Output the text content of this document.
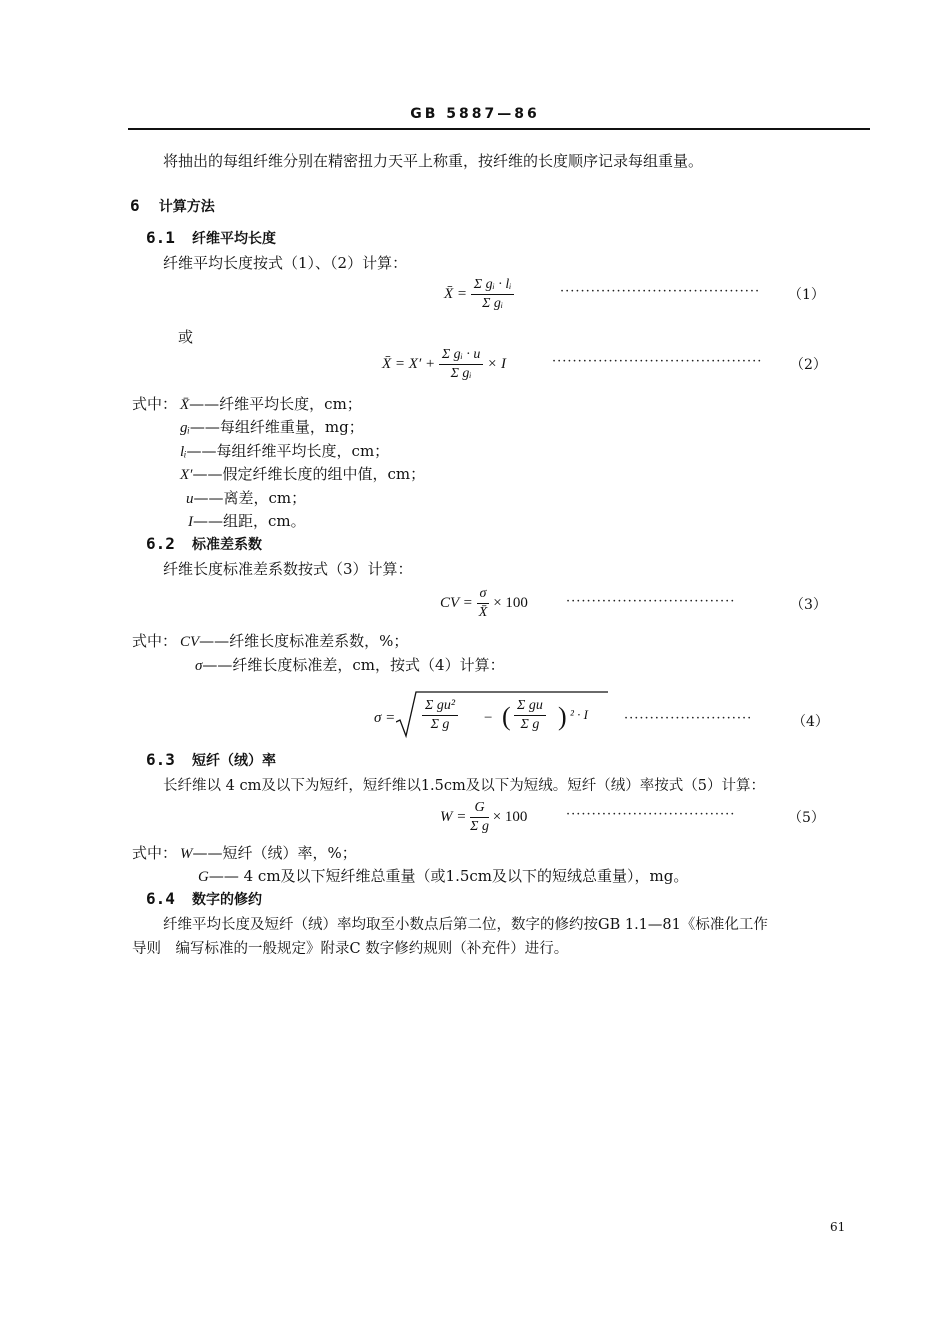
GB 5887—86
将抽出的每组纤维分别在精密扭力天平上称重，按纤维的长度顺序记录每组重量。
6 计算方法
6.1 纤维平均长度
纤维平均长度按式（1）、（2）计算：
X̄ = $\frac{\text{Σ gᵢ · lᵢ}}{\text{Σ gᵢ}}$	······································· （1）
或
X̄ = $X' + \frac{\text{Σ gᵢ · u}}{\text{Σ gᵢ}} \times I$	········································· （2）
式中： X̄——纤维平均长度，cm；
gᵢ——每组纤维重量，mg；
lᵢ——每组纤维平均长度，cm；
X′——假定纤维长度的组中值，cm；
u——离差，cm；
I——组距，cm。
6.2 标准差系数
纤维长度标准差系数按式（3）计算：
CV = $\frac{\sigma}{X̄} \times 100$	·································	（3）
式中： CV——纤维长度标准差系数，%；
σ——纤维长度标准差，cm，按式（4）计算：
$\sigma = \frac{\text{Σ gu²}}{\text{Σ g}}$ − ( $\frac{\text{Σ gu}}{\text{Σ g}}$ ) ² · I	·························	（4）
6.3 短纤（绒）率
长纤维以 4 cm及以下为短纤，短纤维以1.5cm及以下为短绒。短纤（绒）率按式（5）计算：
$W = \frac{G}{\text{Σ g}} \times 100$	·································	（5）
式中： W——短纤（绒）率，%；
G—— 4 cm及以下短纤维总重量（或1.5cm及以下的短绒总重量），mg。
6.4 数字的修约
纤维平均长度及短纤（绒）率均取至小数点后第二位，数字的修约按GB 1.1—81《标准化工作
导则　编写标准的一般规定》附录C 数字修约规则（补充件）进行。
61
